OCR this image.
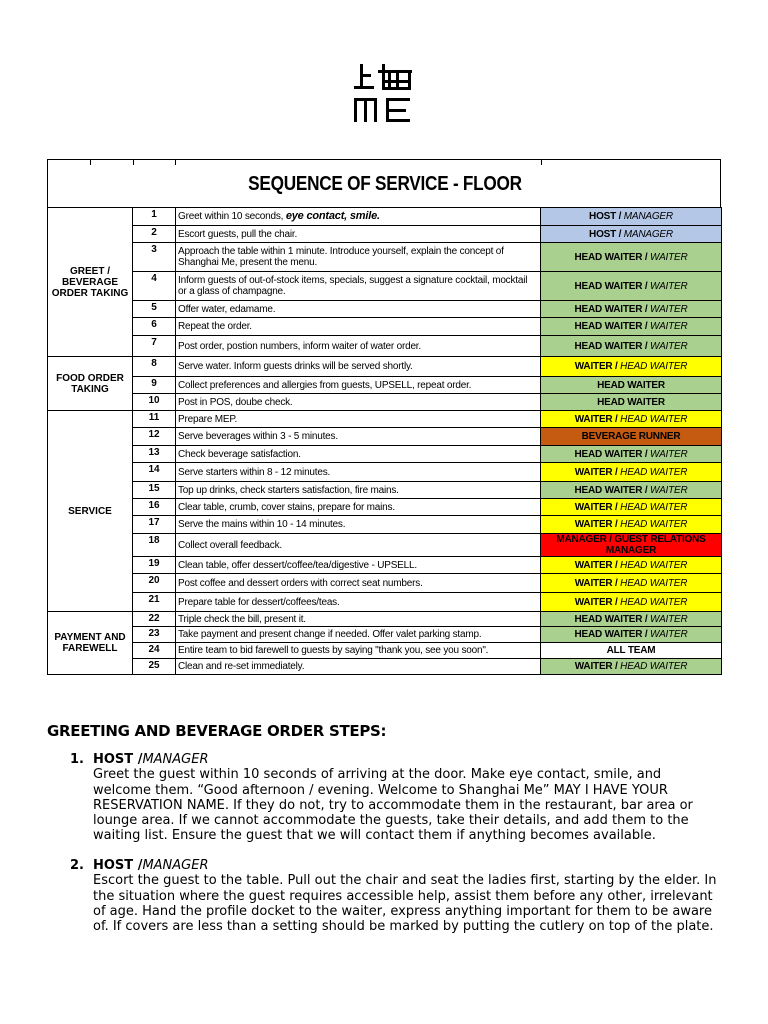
SEQUENCE OF SERVICE - FLOOR
GREET / BEVERAGE ORDER TAKING	1	Greet within 10 seconds, eye contact, smile.	HOST / MANAGER
	2	Escort guests, pull the chair.	HOST / MANAGER
	3	Approach the table within 1 minute. Introduce yourself, explain the concept of Shanghai Me, present the menu.	HEAD WAITER / WAITER
	4	Inform guests of out-of-stock items, specials, suggest a signature cocktail, mocktail or a glass of champagne.	HEAD WAITER / WAITER
	5	Offer water, edamame.	HEAD WAITER / WAITER
	6	Repeat the order.	HEAD WAITER / WAITER
	7	Post order, postion numbers, inform waiter of water order.	HEAD WAITER / WAITER
FOOD ORDER TAKING	8	Serve water. Inform guests drinks will be served shortly.	WAITER / HEAD WAITER
	9	Collect preferences and allergies from guests, UPSELL, repeat order.	HEAD WAITER
	10	Post in POS, doube check.	HEAD WAITER
SERVICE	11	Prepare MEP.	WAITER / HEAD WAITER
	12	Serve beverages within 3 - 5 minutes.	BEVERAGE RUNNER
	13	Check beverage satisfaction.	HEAD WAITER / WAITER
	14	Serve starters within 8 - 12 minutes.	WAITER / HEAD WAITER
	15	Top up drinks, check starters satisfaction, fire mains.	HEAD WAITER / WAITER
	16	Clear table, crumb, cover stains, prepare for mains.	WAITER / HEAD WAITER
	17	Serve the mains within 10 - 14 minutes.	WAITER / HEAD WAITER
	18	Collect overall feedback.	MANAGER / GUEST RELATIONS MANAGER
	19	Clean table, offer dessert/coffee/tea/digestive - UPSELL.	WAITER / HEAD WAITER
	20	Post coffee and dessert orders with correct seat numbers.	WAITER / HEAD WAITER
	21	Prepare table for dessert/coffees/teas.	WAITER / HEAD WAITER
PAYMENT AND FAREWELL	22	Triple check the bill, present it.	HEAD WAITER / WAITER
	23	Take payment and present change if needed. Offer valet parking stamp.	HEAD WAITER / WAITER
	24	Entire team to bid farewell to guests by saying "thank you, see you soon".	ALL TEAM
	25	Clean and re-set immediately.	WAITER / HEAD WAITER
GREETING AND BEVERAGE ORDER STEPS:
1. HOST / MANAGER
Greet the guest within 10 seconds of arriving at the door. Make eye contact, smile, and welcome them. “Good afternoon / evening. Welcome to Shanghai Me” MAY I HAVE YOUR RESERVATION NAME. If they do not, try to accommodate them in the restaurant, bar area or lounge area. If we cannot accommodate the guests, take their details, and add them to the waiting list. Ensure the guest that we will contact them if anything becomes available.
2. HOST / MANAGER
Escort the guest to the table. Pull out the chair and seat the ladies first, starting by the elder. In the situation where the guest requires accessible help, assist them before any other, irrelevant of age. Hand the profile docket to the waiter, express anything important for them to be aware of. If covers are less than a setting should be marked by putting the cutlery on top of the plate.
